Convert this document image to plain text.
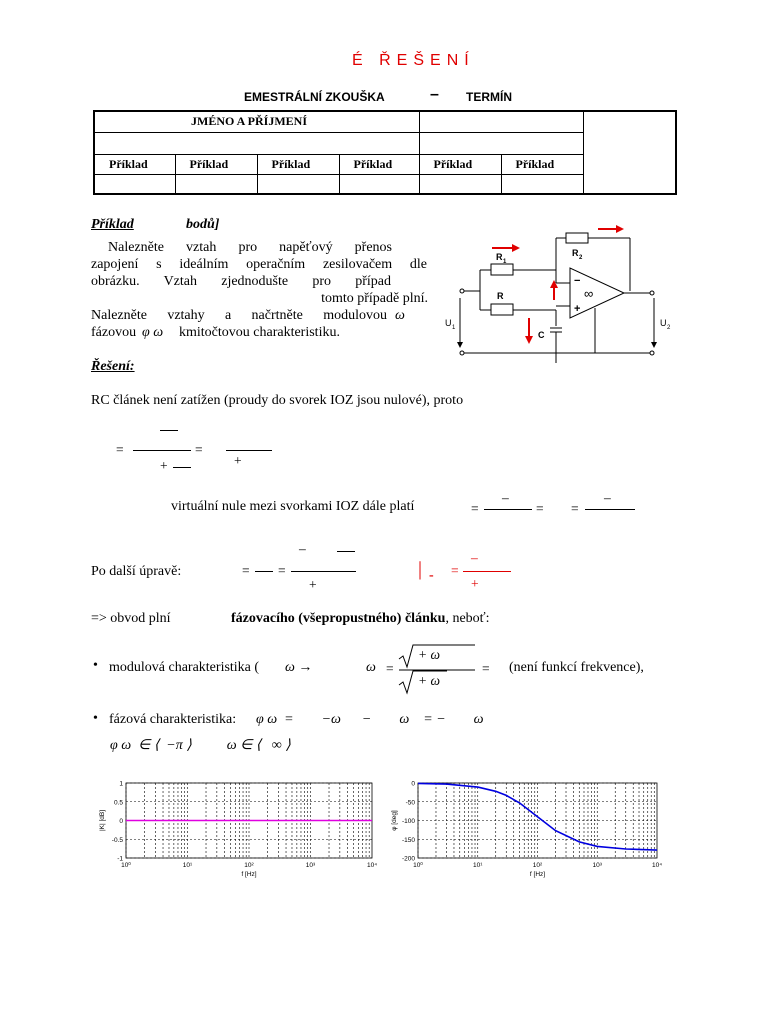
É ŘEŠENÍ
EMESTRÁLNÍ ZKOUŠKA	– TERMÍN
JMÉNO A PŘÍJMENÍ						

Příklad	Příklad	Příklad	Příklad	Příklad	Příklad	

Příklad	bodů]
Nalezněte vztah pro napěťový přenos
zapojení s ideálním operačním zesilovačem dle
obrázku. Vztah zjednodušte pro případ
tomto případě plní.
Nalezněte vztahy a načrtněte modulovou ω
fázovou φ ω kmitočtovou charakteristiku.
R 1
R
R 2
C
−
+
∞
U 1	U 2
Řešení:
RC článek není zatížen (proudy do svorek IOZ jsou nulové), proto
=	=
+	+
virtuální nule mezi svorkami IOZ dále platí	=
–
= =
–
Po další úpravě:
–
= =
+
| - =
–
+
=> obvod plní	fázovacího (všepropustného) článku, neboť:
• modulová charakteristika ( ω →	ω =
+ ω
+ ω
= (není funkcí frekvence),
• fázová charakteristika: φ ω  =        −ω      −        ω    = −        ω
φ ω  ∈ ⟨  −π ⟩          ω ∈ ⟨   ∞ ⟩
1
0.5
0
-0.5
-1
10⁰	10¹	10²	10³	10⁴
f [Hz]
|K| [dB]
0
-50
-100
-150
-200
10⁰	10¹	10²	10³	10⁴
f [Hz]
φ [deg]
